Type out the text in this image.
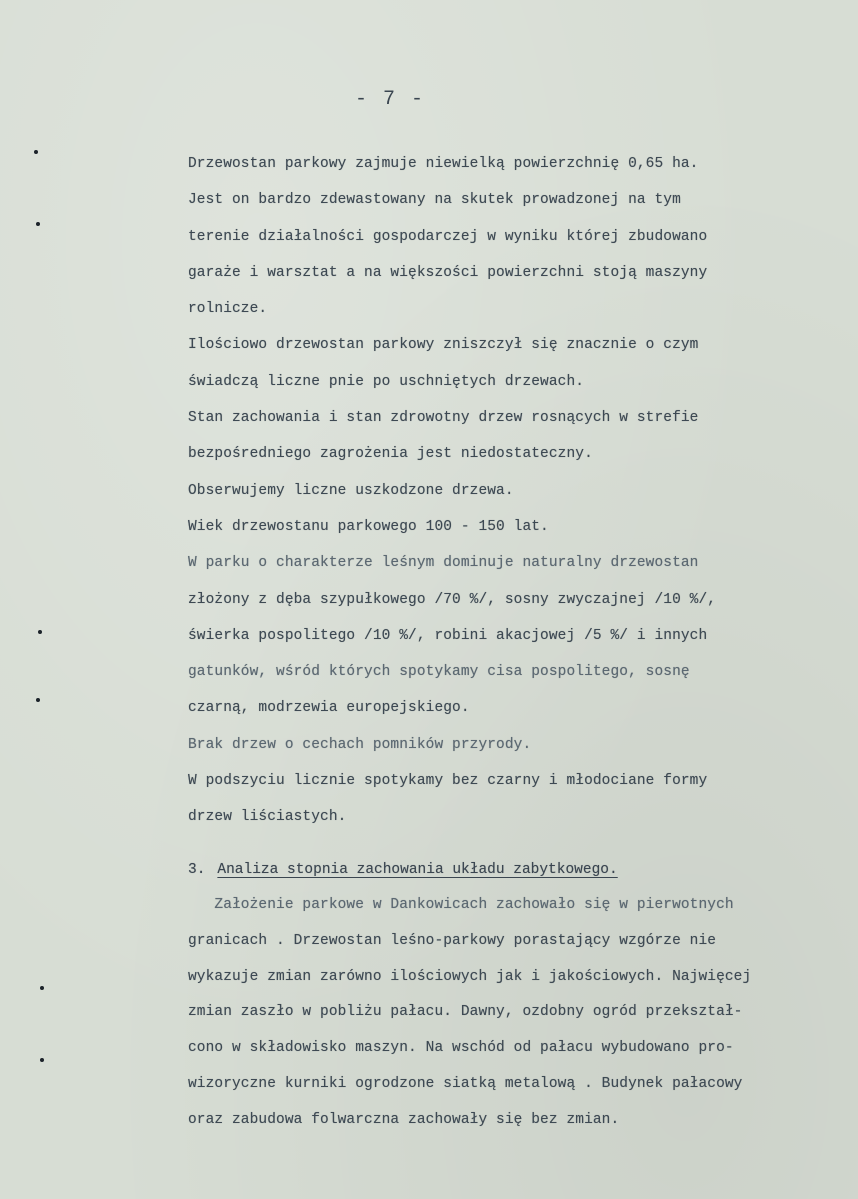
- 7 -
Drzewostan parkowy zajmuje niewielką powierzchnię 0,65 ha.
Jest on bardzo zdewastowany na skutek prowadzonej na tym
terenie działalności gospodarczej w wyniku której zbudowano
garaże i warsztat a na większości powierzchni stoją maszyny
rolnicze.
Ilościowo drzewostan parkowy zniszczył się znacznie o czym
świadczą liczne pnie po uschniętych drzewach.
Stan zachowania i stan zdrowotny drzew rosnących w strefie
bezpośredniego zagrożenia jest niedostateczny.
Obserwujemy liczne uszkodzone drzewa.
Wiek drzewostanu parkowego 100 - 150 lat.
W parku o charakterze leśnym dominuje naturalny drzewostan
złożony z dęba szypułkowego /70 %/, sosny zwyczajnej /10 %/,
świerka pospolitego /10 %/, robini akacjowej /5 %/ i innych
gatunków, wśród których spotykamy cisa pospolitego, sosnę
czarną, modrzewia europejskiego.
Brak drzew o cechach pomników przyrody.
W podszyciu licznie spotykamy bez czarny i młodociane formy
drzew liściastych.
3. Analiza stopnia zachowania układu zabytkowego.
Założenie parkowe w Dankowicach zachowało się w pierwotnych
granicach . Drzewostan leśno-parkowy porastający wzgórze nie
wykazuje zmian zarówno ilościowych jak i jakościowych. Najwięcej
zmian zaszło w pobliżu pałacu. Dawny, ozdobny ogród przekształ-
cono w składowisko maszyn. Na wschód od pałacu wybudowano pro-
wizoryczne kurniki ogrodzone siatką metalową . Budynek pałacowy
oraz zabudowa folwarczna zachowały się bez zmian.
